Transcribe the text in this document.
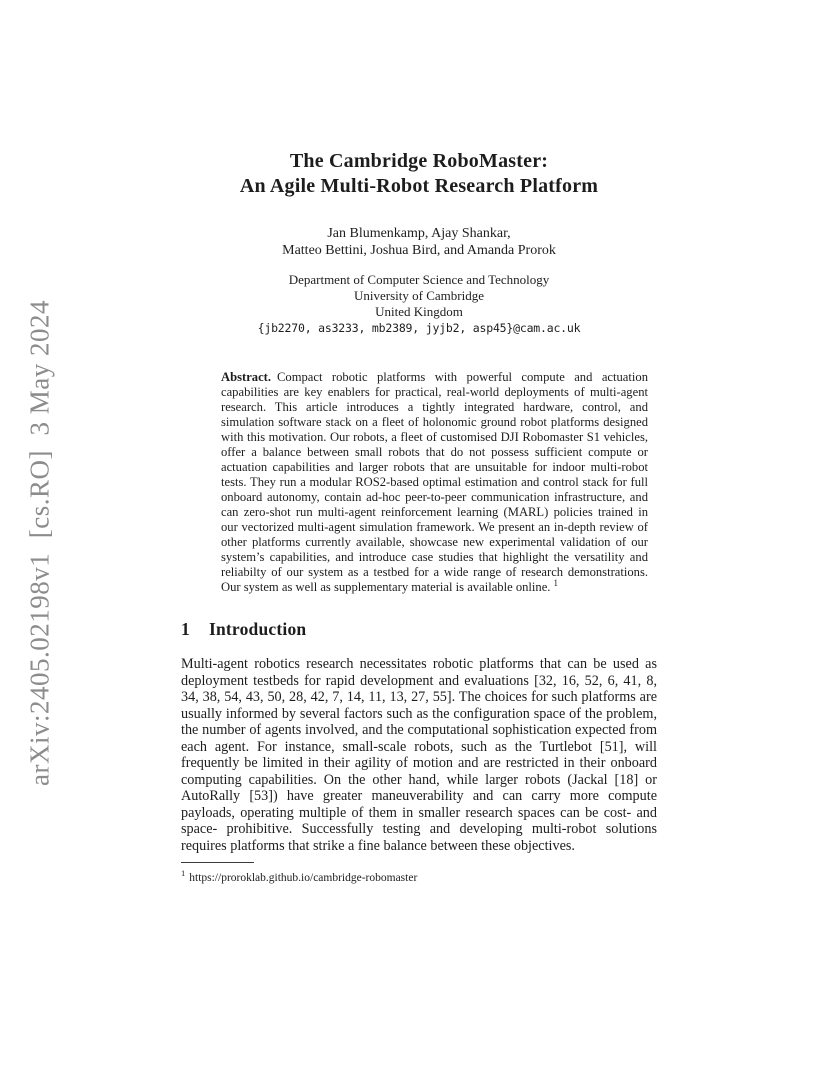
arXiv:2405.02198v1  [cs.RO]  3 May 2024
The Cambridge RoboMaster:
An Agile Multi-Robot Research Platform
Jan Blumenkamp, Ajay Shankar,
Matteo Bettini, Joshua Bird, and Amanda Prorok
Department of Computer Science and Technology
University of Cambridge
United Kingdom
{jb2270, as3233, mb2389, jyjb2, asp45}@cam.ac.uk
Abstract. Compact robotic platforms with powerful compute and actuation capabilities are key enablers for practical, real-world deployments of multi-agent research. This article introduces a tightly integrated hardware, control, and simulation software stack on a fleet of holonomic ground robot platforms designed with this motivation. Our robots, a fleet of customised DJI Robomaster S1 vehicles, offer a balance between small robots that do not possess sufficient compute or actuation capabilities and larger robots that are unsuitable for indoor multi-robot tests. They run a modular ROS2-based optimal estimation and control stack for full onboard autonomy, contain ad-hoc peer-to-peer communication infrastructure, and can zero-shot run multi-agent reinforcement learning (MARL) policies trained in our vectorized multi-agent simulation framework. We present an in-depth review of other platforms currently available, showcase new experimental validation of our system’s capabilities, and introduce case studies that highlight the versatility and reliabilty of our system as a testbed for a wide range of research demonstrations. Our system as well as supplementary material is available online. $^1$
1 Introduction

Multi-agent robotics research necessitates robotic platforms that can be used as deployment testbeds for rapid development and evaluations [32, 16, 52, 6, 41, 8, 34, 38, 54, 43, 50, 28, 42, 7, 14, 11, 13, 27, 55]. The choices for such platforms are usually informed by several factors such as the configuration space of the problem, the number of agents involved, and the computational sophistication expected from each agent. For instance, small-scale robots, such as the Turtlebot [51], will frequently be limited in their agility of motion and are restricted in their onboard computing capabilities. On the other hand, while larger robots (Jackal [18] or AutoRally [53]) have greater maneuverability and can carry more compute payloads, operating multiple of them in smaller research spaces can be cost- and space- prohibitive. Successfully testing and developing multi-robot solutions requires platforms that strike a fine balance between these objectives.

$^1$ https://proroklab.github.io/cambridge-robomaster
